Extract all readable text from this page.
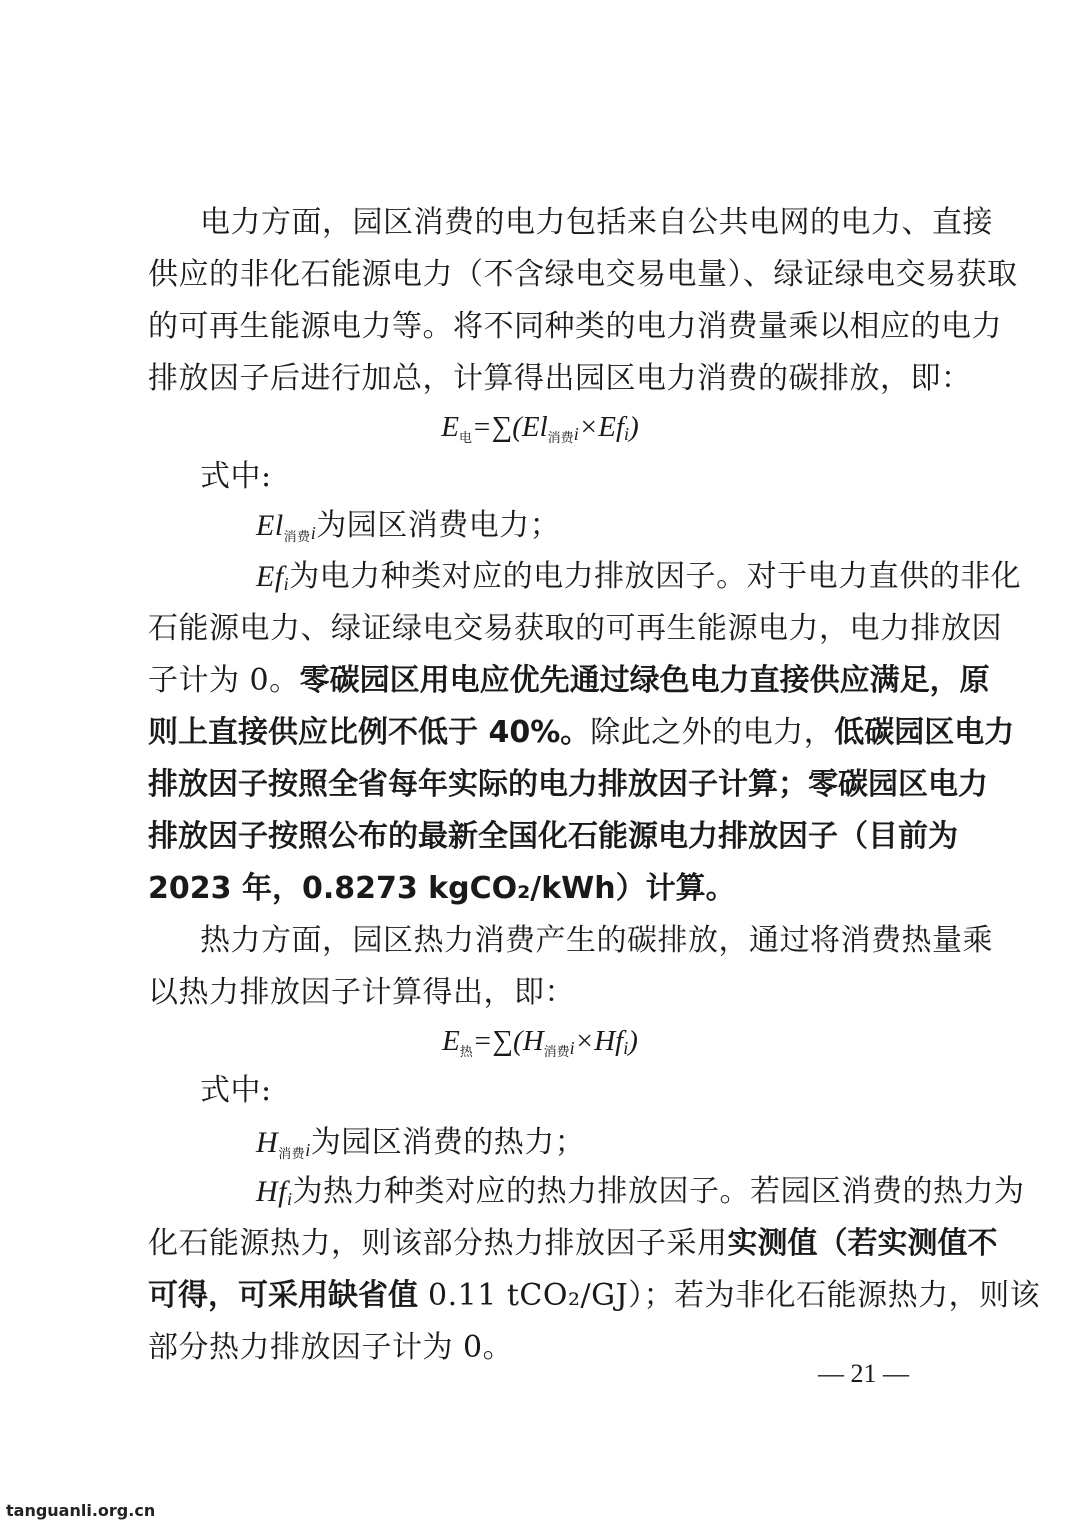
电力方面，园区消费的电力包括来自公共电网的电力、直接
供应的非化石能源电力（不含绿电交易电量）、绿证绿电交易获取
的可再生能源电力等。将不同种类的电力消费量乘以相应的电力
排放因子后进行加总，计算得出园区电力消费的碳排放，即：
$E_电=\sum(El_{消费}i\times Efi)$
式中:
$El_{消费}i$为园区消费电力；
Efi为电力种类对应的电力排放因子。对于电力直供的非化
石能源电力、绿证绿电交易获取的可再生能源电力，电力排放因
子计为 0。零碳园区用电应优先通过绿色电力直接供应满足，原
则上直接供应比例不低于 40%。除此之外的电力，低碳园区电力
排放因子按照全省每年实际的电力排放因子计算；零碳园区电力
排放因子按照公布的最新全国化石能源电力排放因子（目前为
2023 年，0.8273 kgCO₂/kWh）计算。
热力方面，园区热力消费产生的碳排放，通过将消费热量乘
以热力排放因子计算得出，即：
$E_热=\sum(H_{消费}i\times Hfi)$
式中:
$H_{消费}i$为园区消费的热力；
Hfi为热力种类对应的热力排放因子。若园区消费的热力为
化石能源热力，则该部分热力排放因子采用实测值（若实测值不
可得，可采用缺省值 0.11 tCO₂/GJ）；若为非化石能源热力，则该
部分热力排放因子计为 0。
— 21 —
tanguanli.org.cn
